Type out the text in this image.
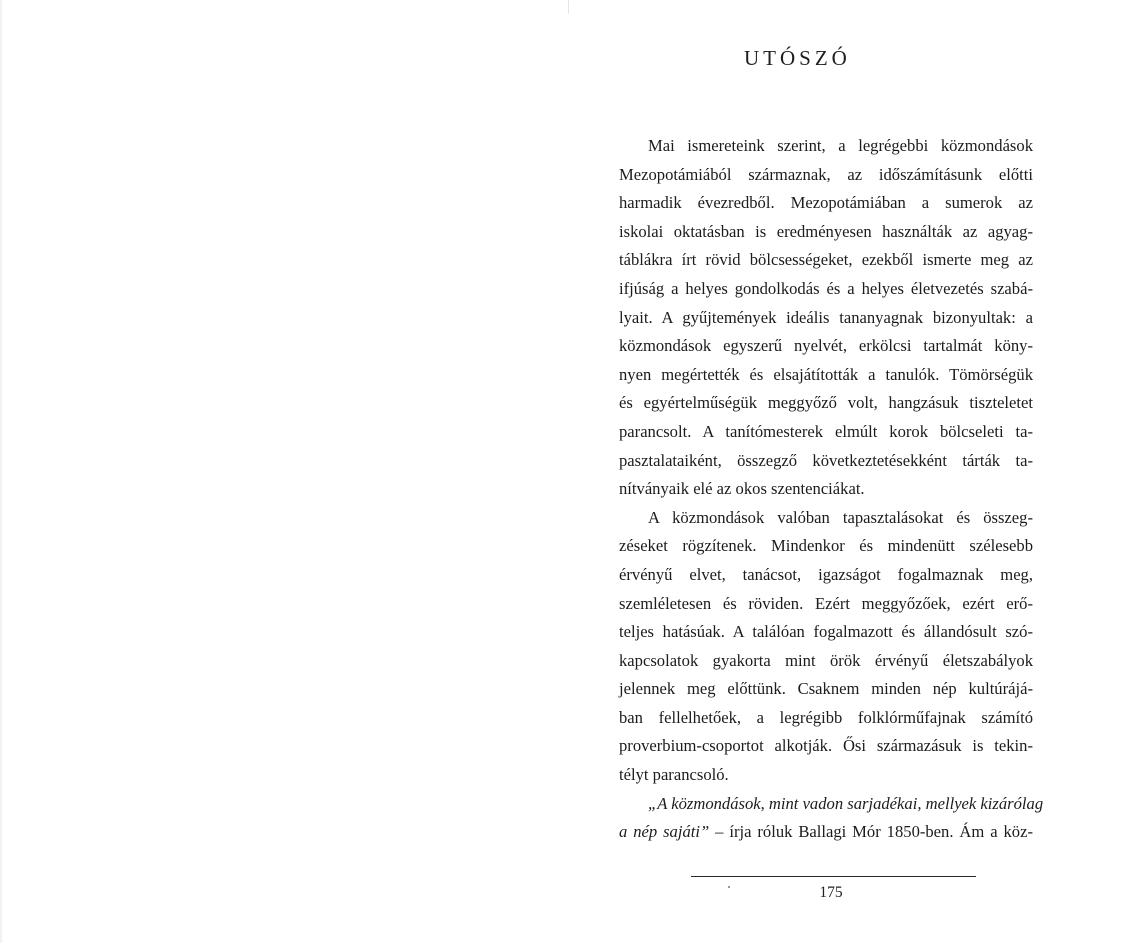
UTÓSZÓ
Mai ismereteink szerint, a legrégebbi közmondások
Mezopotámiából származnak, az időszámításunk előtti
harmadik évezredből. Mezopotámiában a sumerok az
iskolai oktatásban is eredményesen használták az agyag-
táblákra írt rövid bölcsességeket, ezekből ismerte meg az
ifjúság a helyes gondolkodás és a helyes életvezetés szabá-
lyait. A gyűjtemények ideális tananyagnak bizonyultak: a
közmondások egyszerű nyelvét, erkölcsi tartalmát köny-
nyen megértették és elsajátították a tanulók. Tömörségük
és egyértelműségük meggyőző volt, hangzásuk tiszteletet
parancsolt. A tanítómesterek elmúlt korok bölcseleti ta-
pasztalataiként, összegző következtetésekként tárták ta-
nítványaik elé az okos szentenciákat.
A közmondások valóban tapasztalásokat és összeg-
zéseket rögzítenek. Mindenkor és mindenütt szélesebb
érvényű elvet, tanácsot, igazságot fogalmaznak meg,
szemléletesen és röviden. Ezért meggyőzőek, ezért erő-
teljes hatásúak. A találóan fogalmazott és állandósult szó-
kapcsolatok gyakorta mint örök érvényű életszabályok
jelennek meg előttünk. Csaknem minden nép kultúrájá-
ban fellelhetőek, a legrégibb folklórműfajnak számító
proverbium-csoportot alkotják. Ősi származásuk is tekin-
télyt parancsoló.
„A közmondások, mint vadon sarjadékai, mellyek kizárólag
a nép sajáti” – írja róluk Ballagi Mór 1850-ben. Ám a köz-
175
